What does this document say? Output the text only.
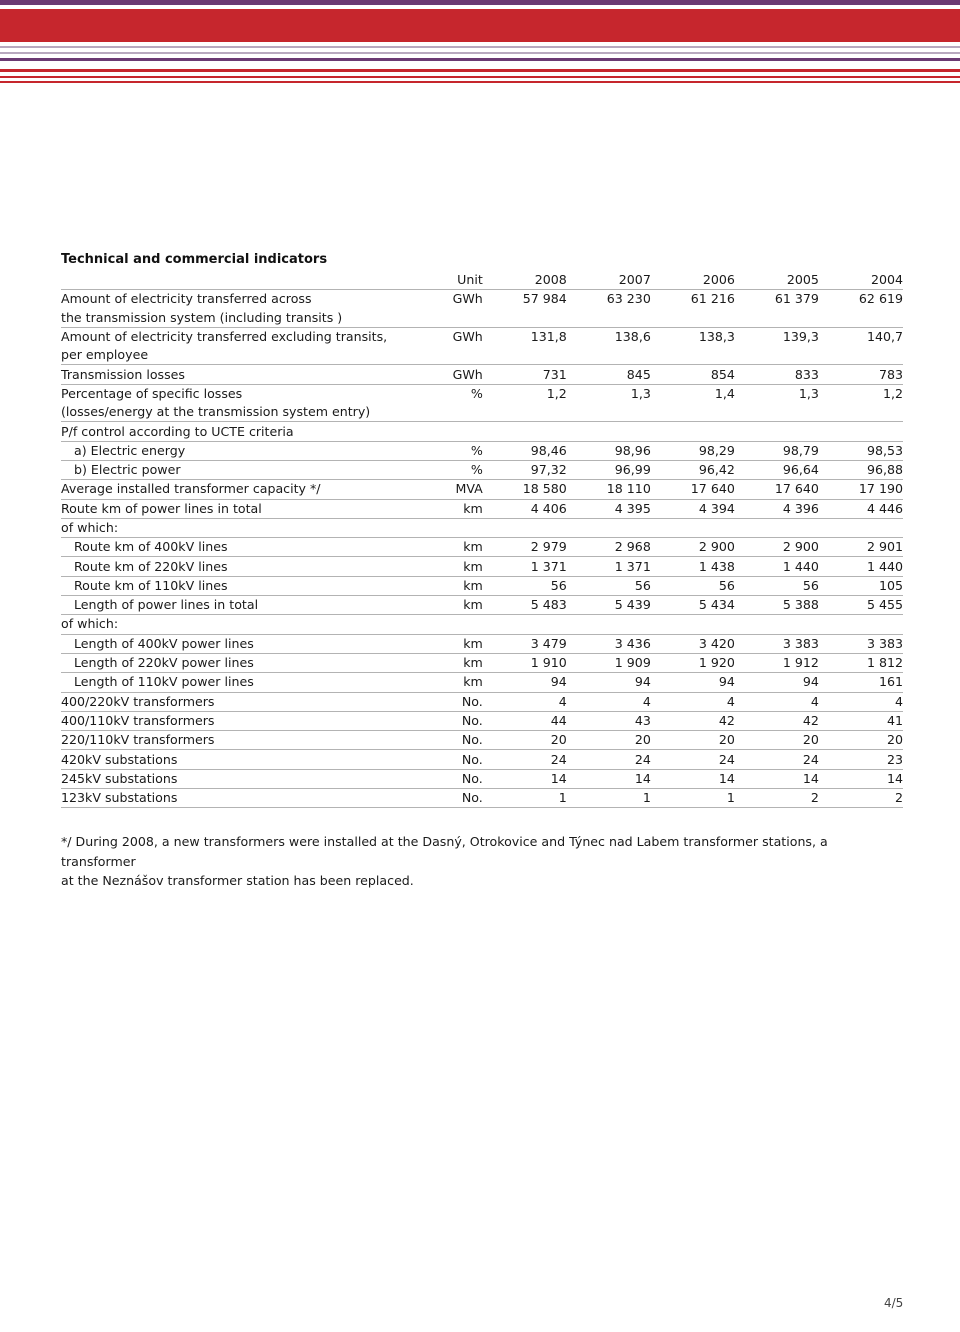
Technical and commercial indicators
	Unit	2008	2007	2006	2005	2004
Amount of electricity transferred across	GWh	57 984	63 230	61 216	61 379	62 619
the transmission system (including transits )						
Amount of electricity transferred excluding transits,	GWh	131,8	138,6	138,3	139,3	140,7
per employee						
Transmission losses	GWh	731	845	854	833	783
Percentage of specific losses	%	1,2	1,3	1,4	1,3	1,2
(losses/energy at the transmission system entry)						
P/f control according to UCTE criteria						
a) Electric energy	%	98,46	98,96	98,29	98,79	98,53
b) Electric power	%	97,32	96,99	96,42	96,64	96,88
Average installed transformer capacity */	MVA	18 580	18 110	17 640	17 640	17 190
Route km of power lines in total	km	4 406	4 395	4 394	4 396	4 446
of which:						
Route km of 400kV lines	km	2 979	2 968	2 900	2 900	2 901
Route km of 220kV lines	km	1 371	1 371	1 438	1 440	1 440
Route km of 110kV lines	km	56	56	56	56	105
Length of power lines in total	km	5 483	5 439	5 434	5 388	5 455
of which:						
Length of 400kV power lines	km	3 479	3 436	3 420	3 383	3 383
Length of 220kV power lines	km	1 910	1 909	1 920	1 912	1 812
Length of 110kV power lines	km	94	94	94	94	161
400/220kV transformers	No.	4	4	4	4	4
400/110kV transformers	No.	44	43	42	42	41
220/110kV transformers	No.	20	20	20	20	20
420kV substations	No.	24	24	24	24	23
245kV substations	No.	14	14	14	14	14
123kV substations	No.	1	1	1	2	2
*/ During 2008, a new transformers were installed at the Dasný, Otrokovice and Týnec nad Labem transformer stations, a transformer
at the Neznášov transformer station has been replaced.
4/5
